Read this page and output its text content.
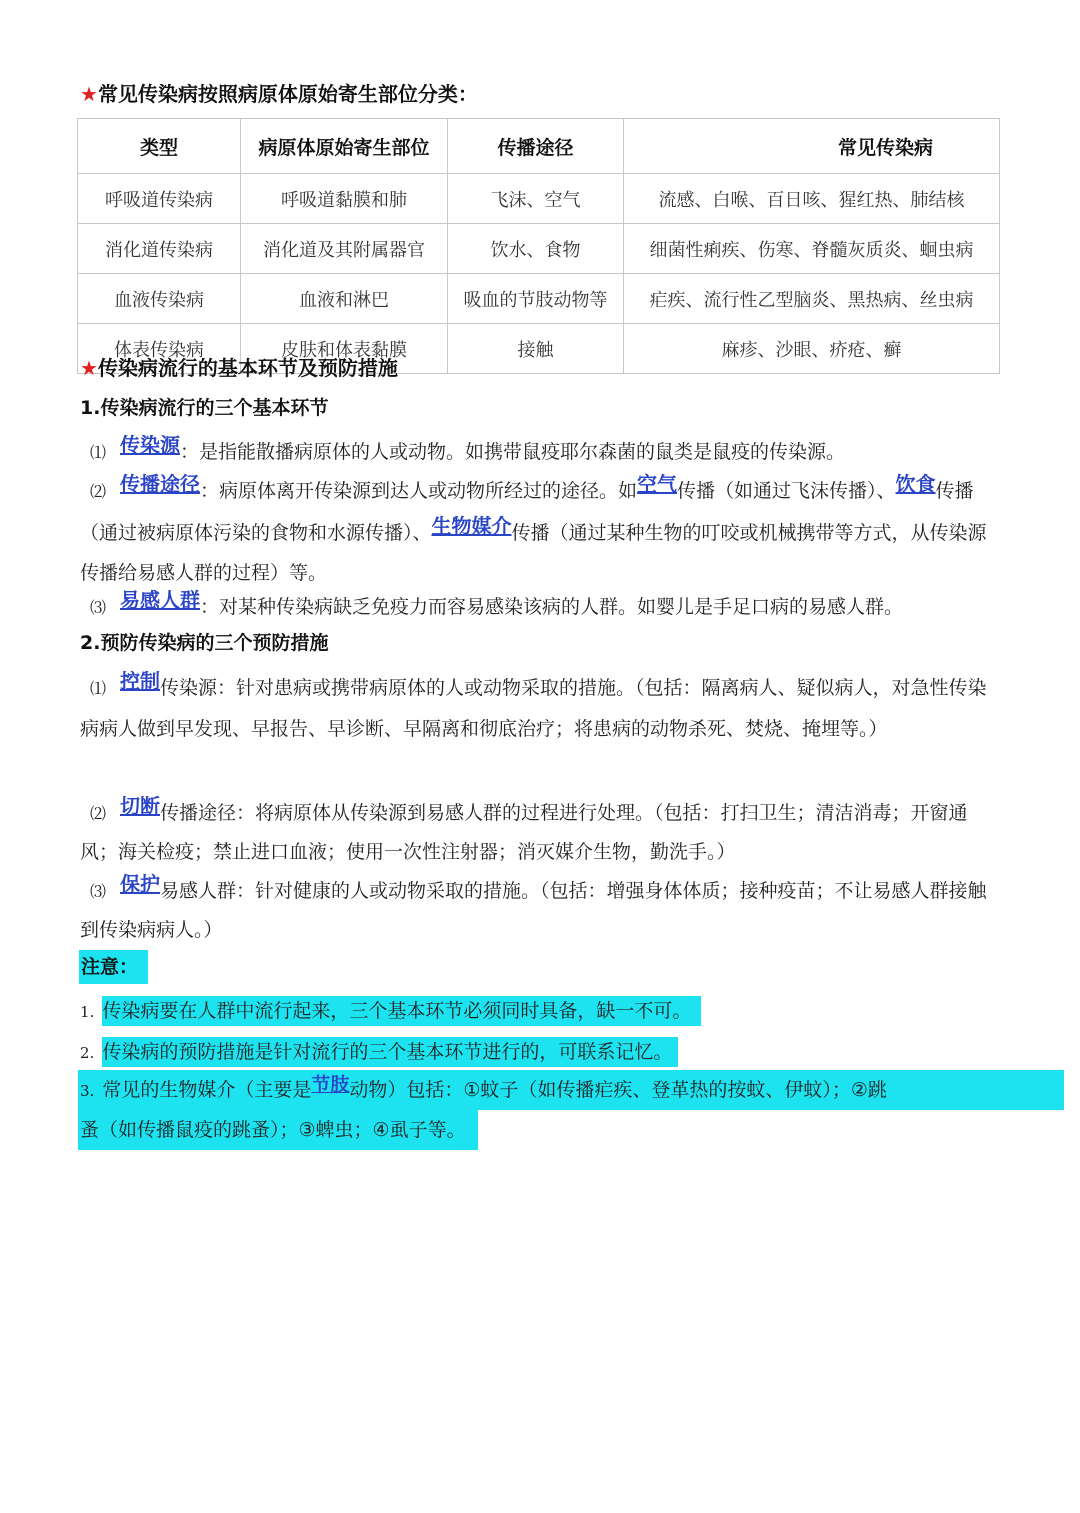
★常见传染病按照病原体原始寄生部位分类：
类型	病原体原始寄生部位	传播途径	常见传染病
呼吸道传染病	呼吸道黏膜和肺	飞沫、空气	流感、白喉、百日咳、猩红热、肺结核
消化道传染病	消化道及其附属器官	饮水、食物	细菌性痢疾、伤寒、脊髓灰质炎、蛔虫病
血液传染病	血液和淋巴	吸血的节肢动物等	疟疾、流行性乙型脑炎、黑热病、丝虫病
体表传染病	皮肤和体表黏膜	接触	麻疹、沙眼、疥疮、癣
★传染病流行的基本环节及预防措施
1.传染病流行的三个基本环节
⑴ 传染源：是指能散播病原体的人或动物。如携带鼠疫耶尔森菌的鼠类是鼠疫的传染源。
⑵ 传播途径：病原体离开传染源到达人或动物所经过的途径。如空气传播（如通过飞沫传播）、饮食传播（通过被病原体污染的食物和水源传播）、生物媒介传播（通过某种生物的叮咬或机械携带等方式，从传染源传播给易感人群的过程）等。
⑶ 易感人群：对某种传染病缺乏免疫力而容易感染该病的人群。如婴儿是手足口病的易感人群。
2.预防传染病的三个预防措施
⑴ 控制传染源：针对患病或携带病原体的人或动物采取的措施。（包括：隔离病人、疑似病人，对急性传染病病人做到早发现、早报告、早诊断、早隔离和彻底治疗；将患病的动物杀死、焚烧、掩埋等。）
⑵ 切断传播途径：将病原体从传染源到易感人群的过程进行处理。（包括：打扫卫生；清洁消毒；开窗通风；海关检疫；禁止进口血液；使用一次性注射器；消灭媒介生物，勤洗手。）
⑶ 保护易感人群：针对健康的人或动物采取的措施。（包括：增强身体体质；接种疫苗；不让易感人群接触到传染病病人。）
注意：
1. 传染病要在人群中流行起来，三个基本环节必须同时具备，缺一不可。
2. 传染病的预防措施是针对流行的三个基本环节进行的，可联系记忆。
3. 常见的生物媒介（主要是节肢动物）包括：①蚊子（如传播疟疾、登革热的按蚊、伊蚊）；②跳
蚤（如传播鼠疫的跳蚤）；③蜱虫；④虱子等。
